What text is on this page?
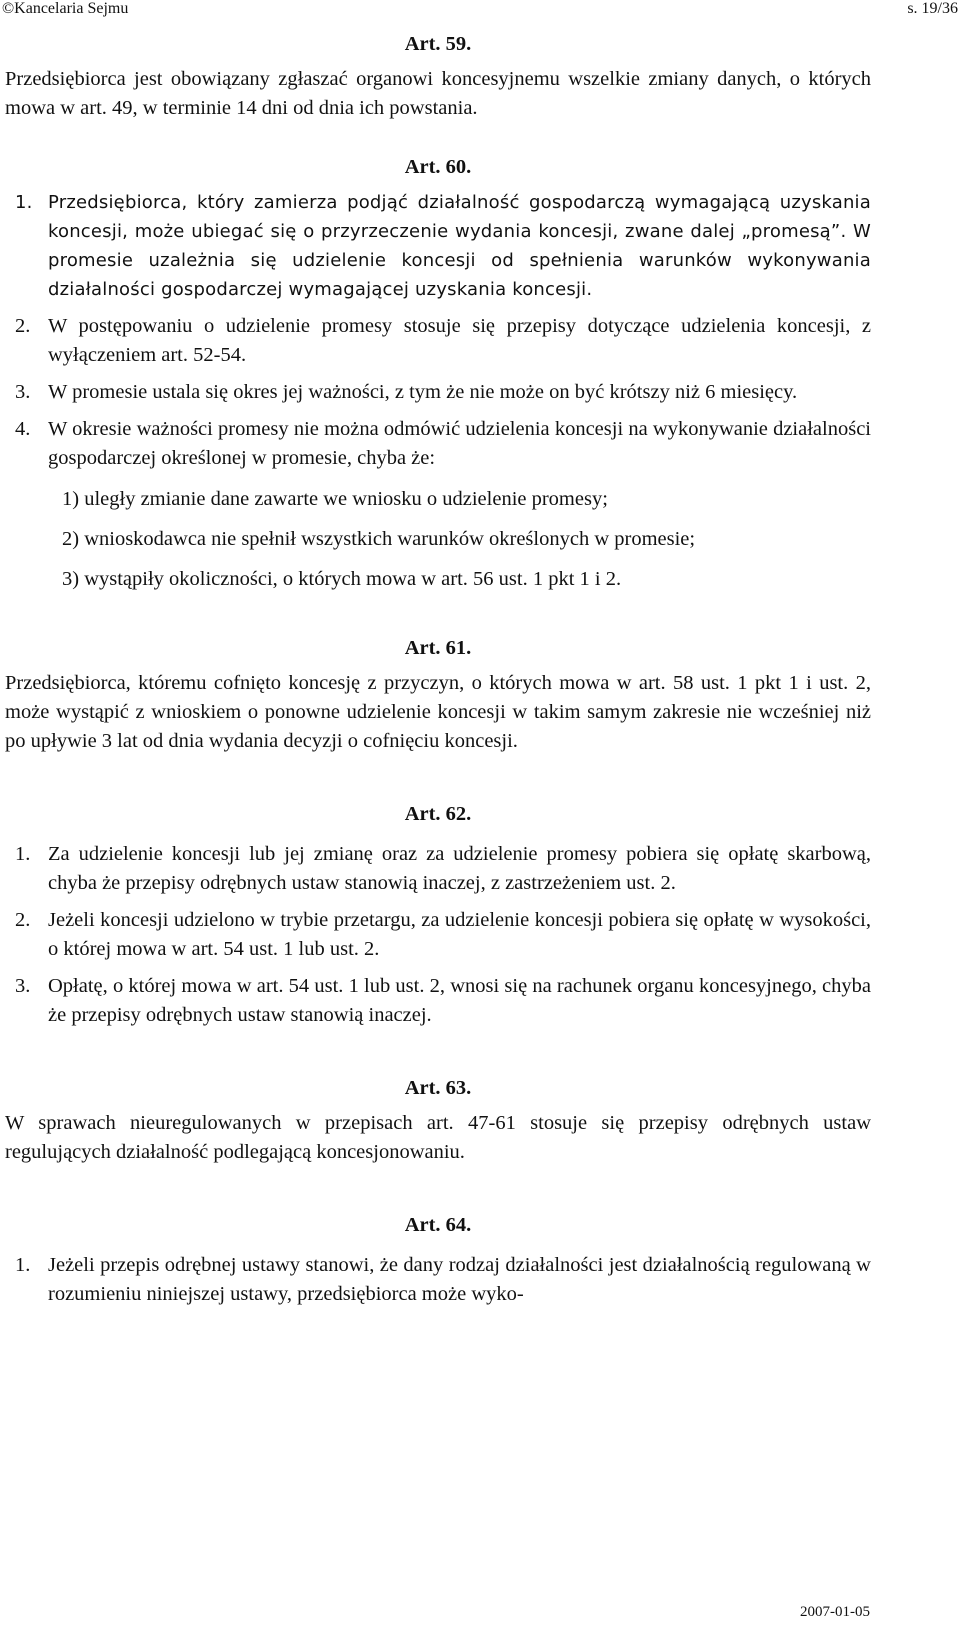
©Kancelaria Sejmu	s. 19/36
Art. 59.

Przedsiębiorca jest obowiązany zgłaszać organowi koncesyjnemu wszelkie zmiany danych, o których mowa w art. 49, w terminie 14 dni od dnia ich powstania.

Art. 60.
1. Przedsiębiorca, który zamierza podjąć działalność gospodarczą wymagającą uzyskania koncesji, może ubiegać się o przyrzeczenie wydania koncesji, zwane dalej „promesą”. W promesie uzależnia się udzielenie koncesji od spełnienia warunków wykonywania działalności gospodarczej wymagającej uzyskania koncesji.
2. W postępowaniu o udzielenie promesy stosuje się przepisy dotyczące udzielenia koncesji, z wyłączeniem art. 52-54.
3. W promesie ustala się okres jej ważności, z tym że nie może on być krótszy niż 6 miesięcy.
4. W okresie ważności promesy nie można odmówić udzielenia koncesji na wykonywanie działalności gospodarczej określonej w promesie, chyba że:

1) uległy zmianie dane zawarte we wniosku o udzielenie promesy;

2) wnioskodawca nie spełnił wszystkich warunków określonych w promesie;

3) wystąpiły okoliczności, o których mowa w art. 56 ust. 1 pkt 1 i 2.

Art. 61.

Przedsiębiorca, któremu cofnięto koncesję z przyczyn, o których mowa w art. 58 ust. 1 pkt 1 i ust. 2, może wystąpić z wnioskiem o ponowne udzielenie koncesji w takim samym zakresie nie wcześniej niż po upływie 3 lat od dnia wydania decyzji o cofnięciu koncesji.

Art. 62.
1. Za udzielenie koncesji lub jej zmianę oraz za udzielenie promesy pobiera się opłatę skarbową, chyba że przepisy odrębnych ustaw stanowią inaczej, z zastrzeżeniem ust. 2.
2. Jeżeli koncesji udzielono w trybie przetargu, za udzielenie koncesji pobiera się opłatę w wysokości, o której mowa w art. 54 ust. 1 lub ust. 2.
3. Opłatę, o której mowa w art. 54 ust. 1 lub ust. 2, wnosi się na rachunek organu koncesyjnego, chyba że przepisy odrębnych ustaw stanowią inaczej.
Art. 63.

W sprawach nieuregulowanych w przepisach art. 47-61 stosuje się przepisy odrębnych ustaw regulujących działalność podlegającą koncesjonowaniu.

Art. 64.
1. Jeżeli przepis odrębnej ustawy stanowi, że dany rodzaj działalności jest działalnością regulowaną w rozumieniu niniejszej ustawy, przedsiębiorca może wyko-
2007-01-05
